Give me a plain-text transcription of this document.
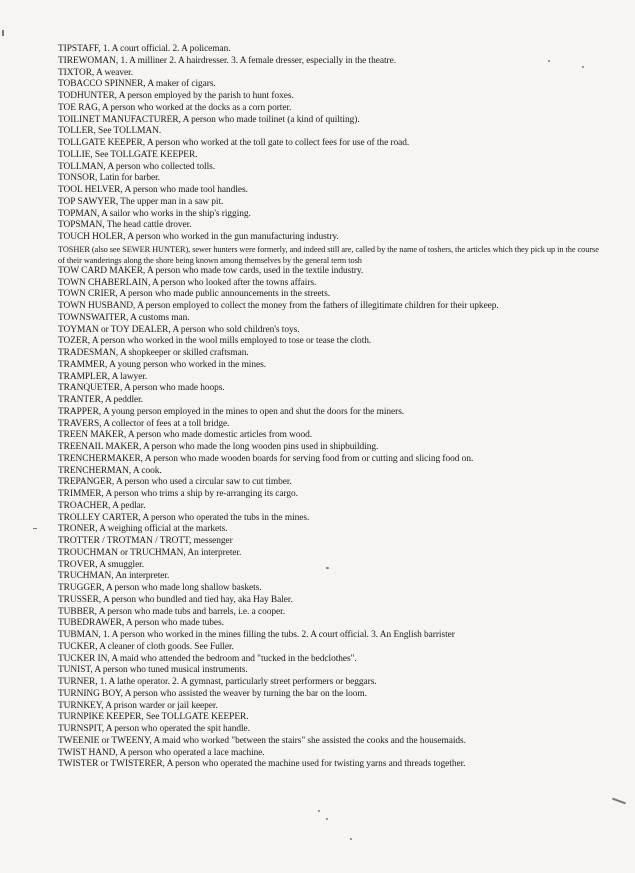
TIPSTAFF, 1. A court official. 2. A policeman.
TIREWOMAN, 1. A milliner 2. A hairdresser. 3. A female dresser, especially in the theatre.
TIXTOR, A weaver.
TOBACCO SPINNER, A maker of cigars.
TODHUNTER, A person employed by the parish to hunt foxes.
TOE RAG, A person who worked at the docks as a corn porter.
TOILINET MANUFACTURER, A person who made toilinet (a kind of quilting).
TOLLER, See TOLLMAN.
TOLLGATE KEEPER, A person who worked at the toll gate to collect fees for use of the road.
TOLLIE, See TOLLGATE KEEPER.
TOLLMAN, A person who collected tolls.
TONSOR, Latin for barber.
TOOL HELVER, A person who made tool handles.
TOP SAWYER, The upper man in a saw pit.
TOPMAN, A sailor who works in the ship's rigging.
TOPSMAN, The head cattle drover.
TOUCH HOLER, A person who worked in the gun manufacturing industry.
TOSHER (also see SEWER HUNTER), sewer hunters were formerly, and indeed still are, called by the name of toshers, the articles which they pick up in the course of their wanderings along the shore being known among themselves by the general term tosh
TOW CARD MAKER, A person who made tow cards, used in the textile industry.
TOWN CHABERLAIN, A person who looked after the towns affairs.
TOWN CRIER, A person who made public announcements in the streets.
TOWN HUSBAND, A person employed to collect the money from the fathers of illegitimate children for their upkeep.
TOWNSWAITER, A customs man.
TOYMAN or TOY DEALER, A person who sold children's toys.
TOZER, A person who worked in the wool mills employed to tose or tease the cloth.
TRADESMAN, A shopkeeper or skilled craftsman.
TRAMMER, A young person who worked in the mines.
TRAMPLER, A lawyer.
TRANQUETER, A person who made hoops.
TRANTER, A peddler.
TRAPPER, A young person employed in the mines to open and shut the doors for the miners.
TRAVERS, A collector of fees at a toll bridge.
TREEN MAKER, A person who made domestic articles from wood.
TREENAIL MAKER, A person who made the long wooden pins used in shipbuilding.
TRENCHERMAKER, A person who made wooden boards for serving food from or cutting and slicing food on.
TRENCHERMAN, A cook.
TREPANGER, A person who used a circular saw to cut timber.
TRIMMER, A person who trims a ship by re-arranging its cargo.
TROACHER, A pedlar.
TROLLEY CARTER, A person who operated the tubs in the mines.
TRONER, A weighing official at the markets.
TROTTER / TROTMAN / TROTT, messenger
TROUCHMAN or TRUCHMAN, An interpreter.
TROVER, A smuggler.
TRUCHMAN, An interpreter.
TRUGGER, A person who made long shallow baskets.
TRUSSER, A person who bundled and tied hay, aka Hay Baler.
TUBBER, A person who made tubs and barrels, i.e. a cooper.
TUBEDRAWER, A person who made tubes.
TUBMAN, 1. A person who worked in the mines filling the tubs. 2. A court official. 3. An English barrister
TUCKER, A cleaner of cloth goods. See Fuller.
TUCKER IN, A maid who attended the bedroom and "tucked in the bedclothes".
TUNIST, A person who tuned musical instruments.
TURNER, 1. A lathe operator. 2. A gymnast, particularly street performers or beggars.
TURNING BOY, A person who assisted the weaver by turning the bar on the loom.
TURNKEY, A prison warder or jail keeper.
TURNPIKE KEEPER, See TOLLGATE KEEPER.
TURNSPIT, A person who operated the spit handle.
TWEENIE or TWEENY, A maid who worked "between the stairs" she assisted the cooks and the housemaids.
TWIST HAND, A person who operated a lace machine.
TWISTER or TWISTERER, A person who operated the machine used for twisting yarns and threads together.
